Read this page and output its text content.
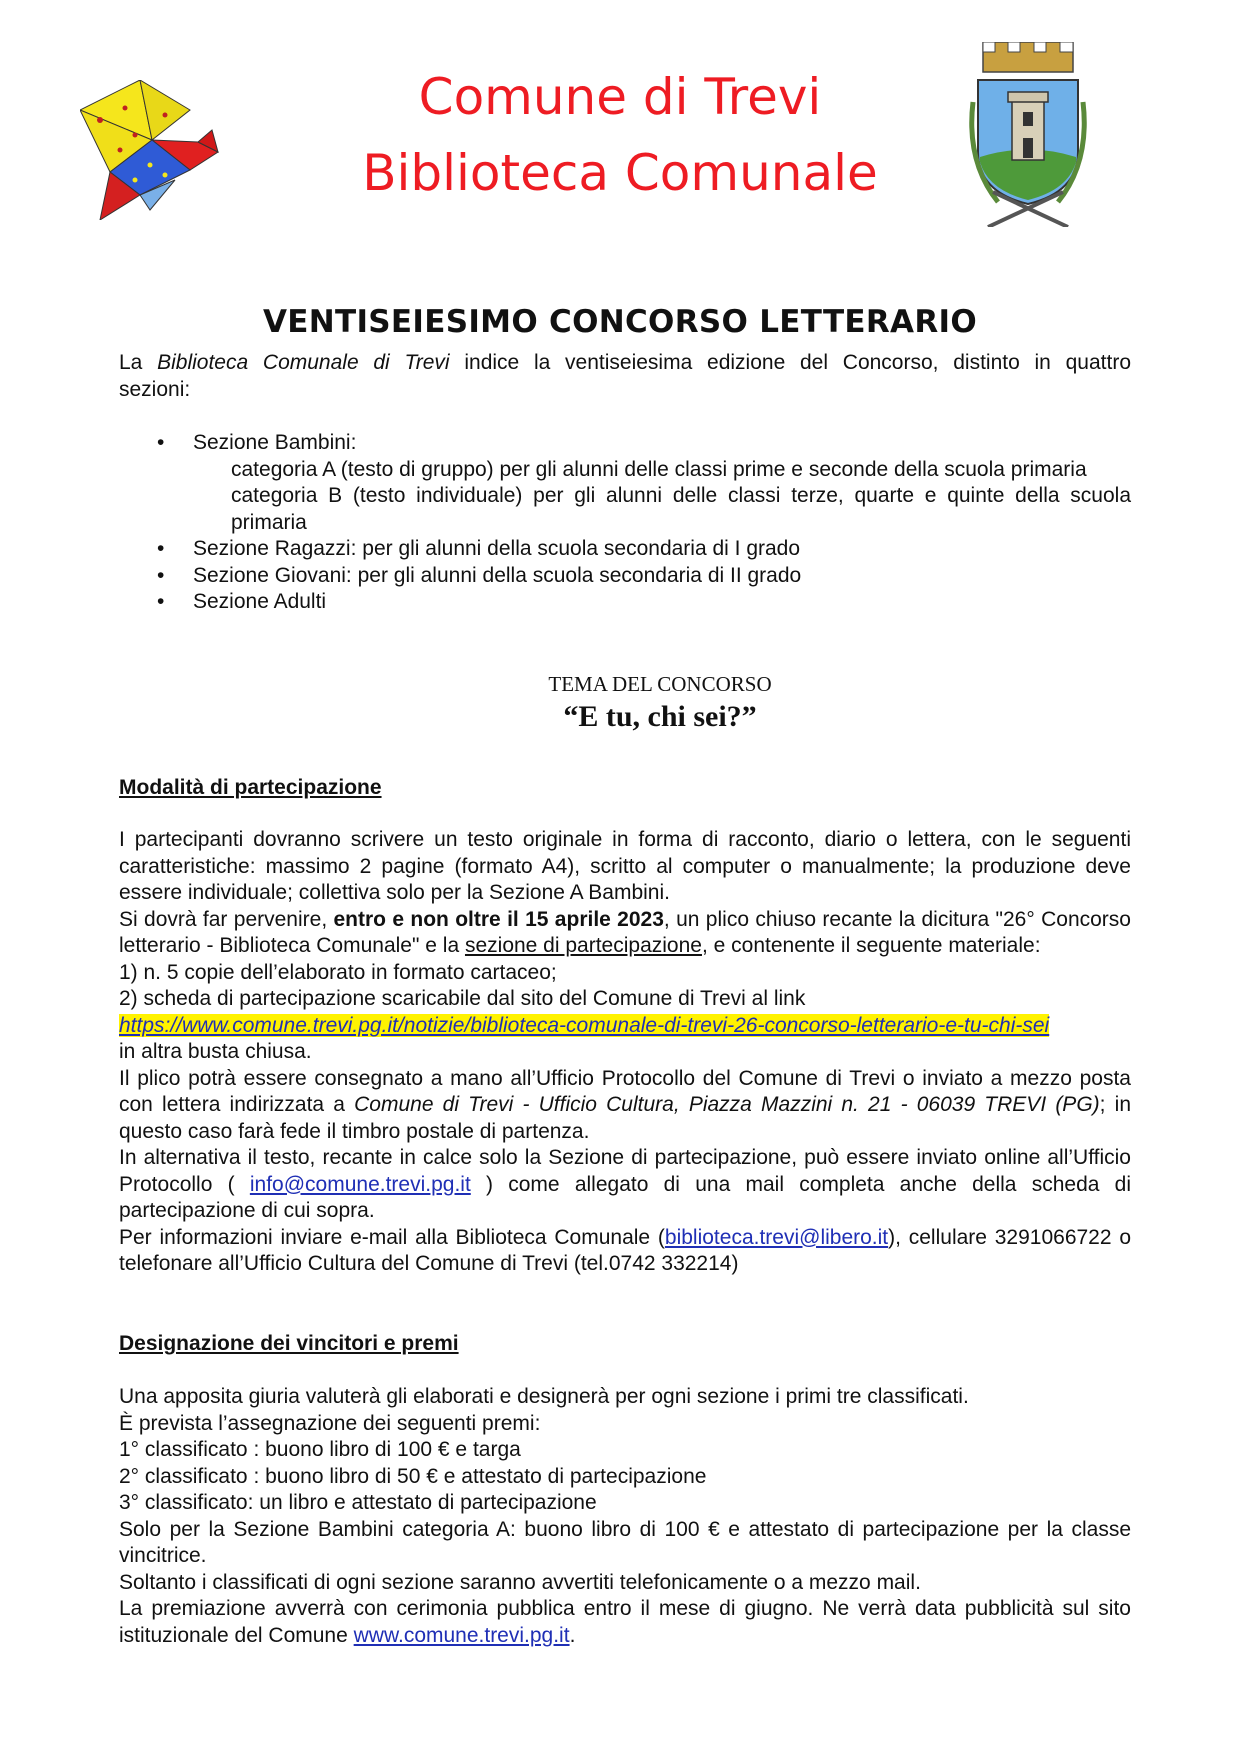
Comune di Trevi
Biblioteca Comunale
VENTISEIESIMO CONCORSO LETTERARIO

La Biblioteca Comunale di Trevi indice la ventiseiesima edizione del Concorso, distinto in quattro

sezioni:

• Sezione Bambini:
categoria A (testo di gruppo) per gli alunni delle classi prime e seconde della scuola primaria
categoria B (testo individuale) per gli alunni delle classi terze, quarte e quinte della scuola primaria
• Sezione Ragazzi: per gli alunni della scuola secondaria di I grado
• Sezione Giovani: per gli alunni della scuola secondaria di II grado
• Sezione Adulti
TEMA DEL CONCORSO
“E tu, chi sei?”
Modalità di partecipazione

I partecipanti dovranno scrivere un testo originale in forma di racconto, diario o lettera, con le seguenti caratteristiche: massimo 2 pagine (formato A4), scritto al computer o manualmente; la produzione deve essere individuale; collettiva solo per la Sezione A Bambini.

Si dovrà far pervenire, entro e non oltre il 15 aprile 2023, un plico chiuso recante la dicitura "26° Concorso letterario - Biblioteca Comunale" e la sezione di partecipazione, e contenente il seguente materiale:

1) n. 5 copie dell’elaborato in formato cartaceo;

2) scheda di partecipazione scaricabile dal sito del Comune di Trevi al link

https://www.comune.trevi.pg.it/notizie/biblioteca-comunale-di-trevi-26-concorso-letterario-e-tu-chi-sei

in altra busta chiusa.

Il plico potrà essere consegnato a mano all’Ufficio Protocollo del Comune di Trevi o inviato a mezzo posta con lettera indirizzata a Comune di Trevi - Ufficio Cultura, Piazza Mazzini n. 21 - 06039 TREVI (PG); in questo caso farà fede il timbro postale di partenza.

In alternativa il testo, recante in calce solo la Sezione di partecipazione, può essere inviato online all’Ufficio Protocollo ( info@comune.trevi.pg.it ) come allegato di una mail completa anche della scheda di partecipazione di cui sopra.

Per informazioni inviare e-mail alla Biblioteca Comunale (biblioteca.trevi@libero.it), cellulare 3291066722 o telefonare all’Ufficio Cultura del Comune di Trevi (tel.0742 332214)

Designazione dei vincitori e premi

Una apposita giuria valuterà gli elaborati e designerà per ogni sezione i primi tre classificati.

È prevista l’assegnazione dei seguenti premi:

1° classificato : buono libro di 100 € e targa

2° classificato : buono libro di 50 € e attestato di partecipazione

3° classificato: un libro e attestato di partecipazione

Solo per la Sezione Bambini categoria A: buono libro di 100 € e attestato di partecipazione per la classe vincitrice.

Soltanto i classificati di ogni sezione saranno avvertiti telefonicamente o a mezzo mail.

La premiazione avverrà con cerimonia pubblica entro il mese di giugno. Ne verrà data pubblicità sul sito istituzionale del Comune www.comune.trevi.pg.it.
